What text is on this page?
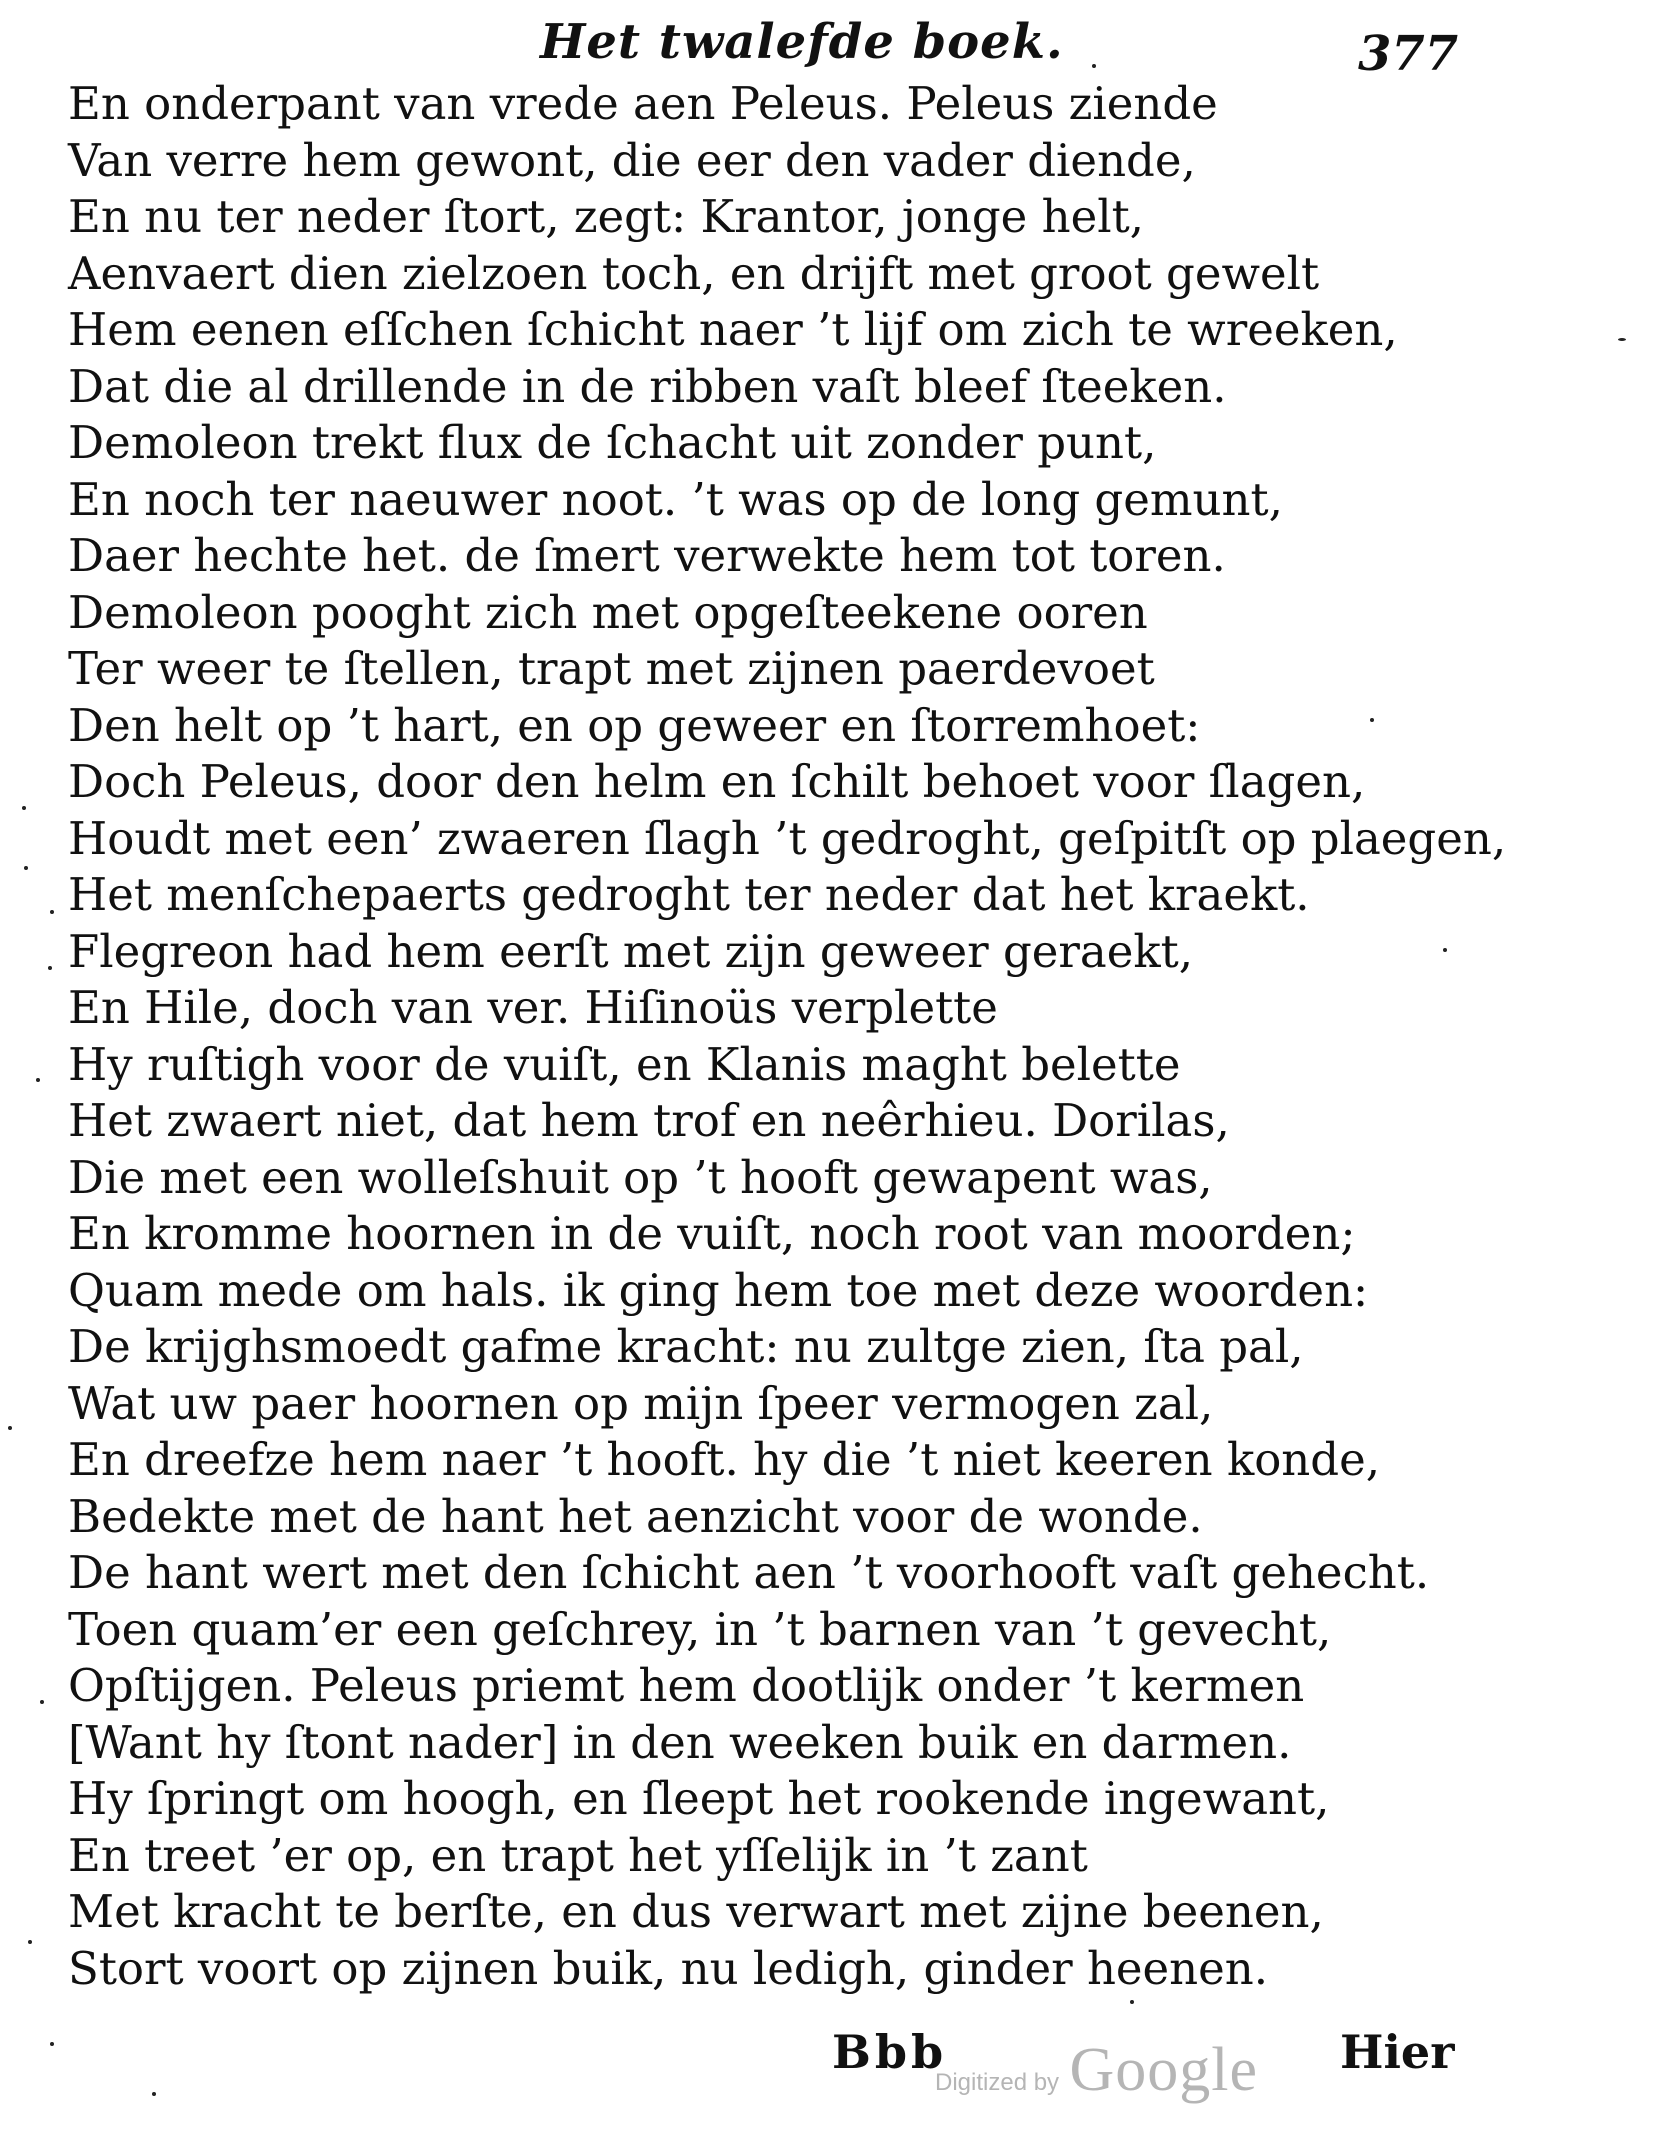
Het twalefde boek.	377
En onderpant van vrede aen Peleus. Peleus ziende
Van verre hem gewont, die eer den vader diende,
En nu ter neder ſtort, zegt: Krantor, jonge helt,
Aenvaert dien zielzoen toch, en drijft met groot gewelt
Hem eenen eſſchen ſchicht naer ’t lijf om zich te wreeken,
Dat die al drillende in de ribben vaſt bleef ſteeken.
Demoleon trekt flux de ſchacht uit zonder punt,
En noch ter naeuwer noot. ’t was op de long gemunt,
Daer hechte het. de ſmert verwekte hem tot toren.
Demoleon pooght zich met opgeſteekene ooren
Ter weer te ſtellen, trapt met zijnen paerdevoet
Den helt op ’t hart, en op geweer en ſtorremhoet:
Doch Peleus, door den helm en ſchilt behoet voor ſlagen,
Houdt met een’ zwaeren ſlagh ’t gedroght, geſpitſt op plaegen,
Het menſchepaerts gedroght ter neder dat het kraekt.
Flegreon had hem eerſt met zijn geweer geraekt,
En Hile, doch van ver. Hiſinoüs verplette
Hy ruſtigh voor de vuiſt, en Klanis maght belette
Het zwaert niet, dat hem trof en neêrhieu. Dorilas,
Die met een wolleſshuit op ’t hooft gewapent was,
En kromme hoornen in de vuiſt, noch root van moorden;
Quam mede om hals. ik ging hem toe met deze woorden:
De krijghsmoedt gafme kracht: nu zultge zien, ſta pal,
Wat uw paer hoornen op mijn ſpeer vermogen zal,
En dreefze hem naer ’t hooft. hy die ’t niet keeren konde,
Bedekte met de hant het aenzicht voor de wonde.
De hant wert met den ſchicht aen ’t voorhooft vaſt gehecht.
Toen quam’er een geſchrey, in ’t barnen van ’t gevecht,
Opſtijgen. Peleus priemt hem dootlijk onder ’t kermen
[Want hy ſtont nader] in den weeken buik en darmen.
Hy ſpringt om hoogh, en ſleept het rookende ingewant,
En treet ’er op, en trapt het yſſelijk in ’t zant
Met kracht te berſte, en dus verwart met zijne beenen,
Stort voort op zijnen buik, nu ledigh, ginder heenen.
Bbb
Digitized by Google Hier
